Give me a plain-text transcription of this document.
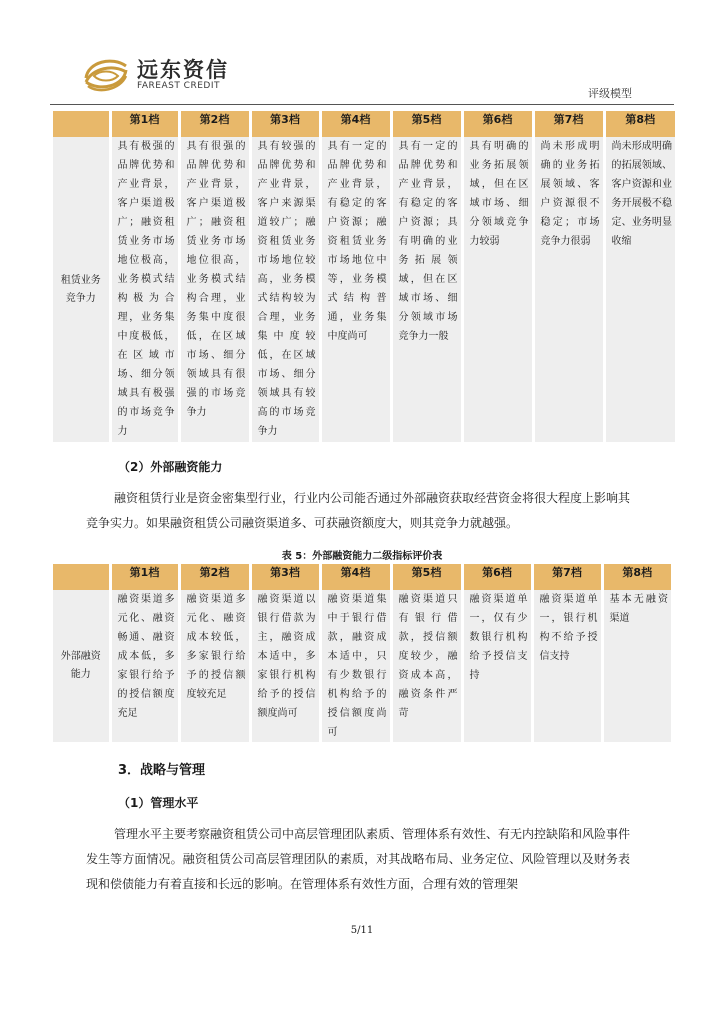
远东资信
FAREAST CREDIT
评级模型
	第1档	第2档	第3档	第4档	第5档	第6档	第7档	第8档
租赁业务竞争力	具有极强的品牌优势和产业背景，客户渠道极广；融资租赁业务市场地位极高，业务模式结构极为合理，业务集中度极低，在区域市场、细分领域具有极强的市场竞争力	具有很强的品牌优势和产业背景，客户渠道极广；融资租赁业务市场地位很高，业务模式结构合理，业务集中度很低，在区域市场、细分领域具有很强的市场竞争力	具有较强的品牌优势和产业背景，客户来源渠道较广；融资租赁业务市场地位较高，业务模式结构较为合理，业务集中度较低，在区域市场、细分领域具有较高的市场竞争力	具有一定的品牌优势和产业背景，有稳定的客户资源；融资租赁业务市场地位中等，业务模式结构普通，业务集中度尚可	具有一定的品牌优势和产业背景，有稳定的客户资源；具有明确的业务拓展领域，但在区域市场、细分领域市场竞争力一般	具有明确的业务拓展领域，但在区域市场、细分领域竞争力较弱	尚未形成明确的业务拓展领域、客户资源很不稳定；市场竞争力很弱	尚未形成明确的拓展领域、客户资源和业务开展极不稳定、业务明显收缩
（2）外部融资能力
融资租赁行业是资金密集型行业，行业内公司能否通过外部融资获取经营资金将很大程度上影响其竞争实力。如果融资租赁公司融资渠道多、可获融资额度大，则其竞争力就越强。
表 5：外部融资能力二级指标评价表
	第1档	第2档	第3档	第4档	第5档	第6档	第7档	第8档
外部融资能力	融资渠道多元化、融资畅通、融资成本低，多家银行给予的授信额度充足	融资渠道多元化、融资成本较低，多家银行给予的授信额度较充足	融资渠道以银行借款为主，融资成本适中，多家银行机构给予的授信额度尚可	融资渠道集中于银行借款，融资成本适中，只有少数银行机构给予的授信额度尚可	融资渠道只有银行借款，授信额度较少，融资成本高，融资条件严苛	融资渠道单一，仅有少数银行机构给予授信支持	融资渠道单一，银行机构不给予授信支持	基本无融资渠道
3．战略与管理
（1）管理水平
管理水平主要考察融资租赁公司中高层管理团队素质、管理体系有效性、有无内控缺陷和风险事件发生等方面情况。融资租赁公司高层管理团队的素质，对其战略布局、业务定位、风险管理以及财务表现和偿债能力有着直接和长远的影响。在管理体系有效性方面，合理有效的管理架
5/11
